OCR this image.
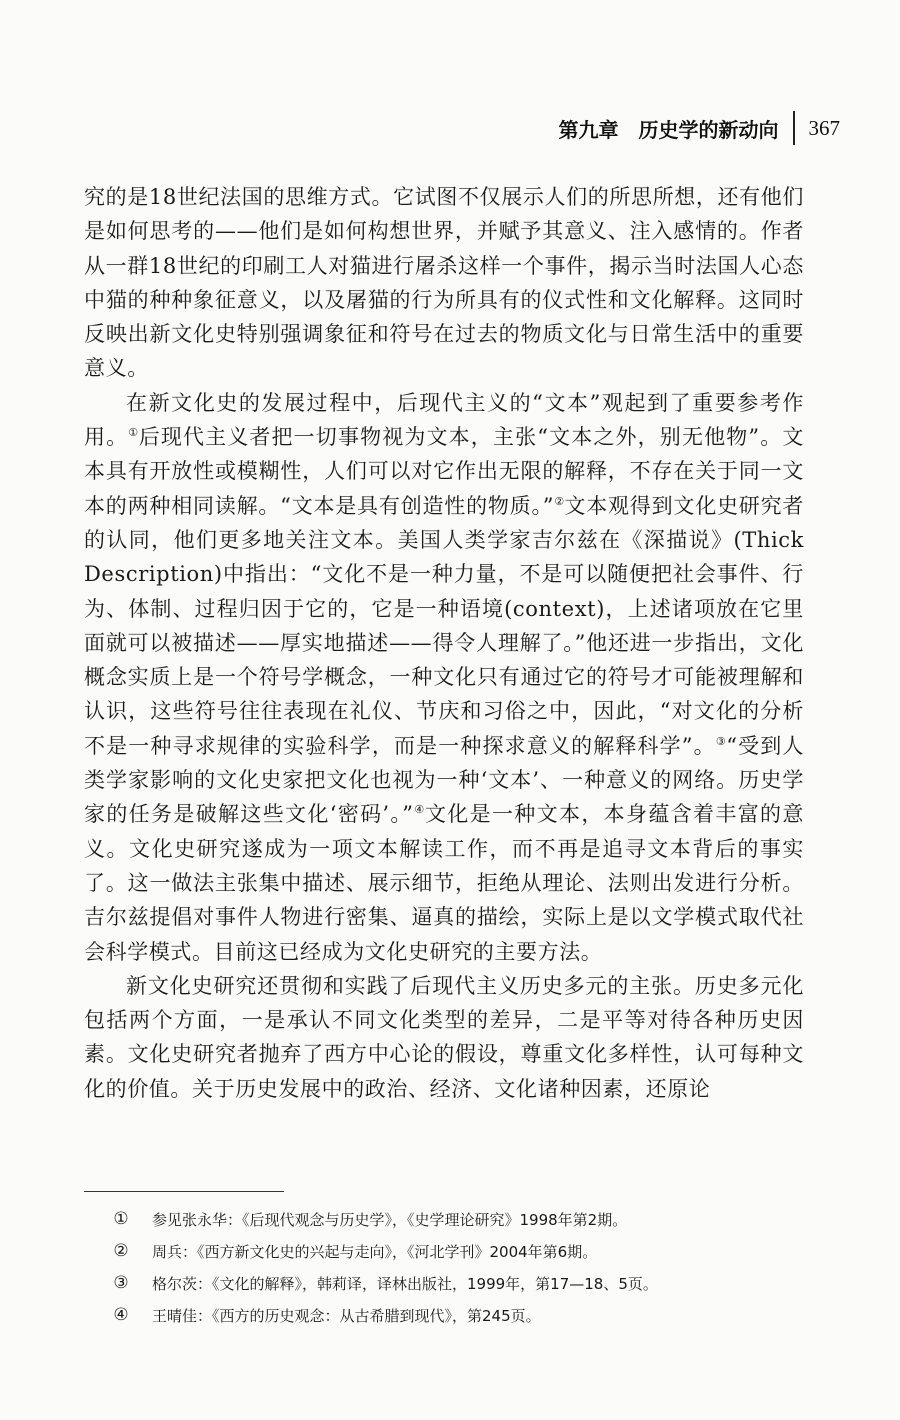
第九章 历史学的新动向 367

究的是18世纪法国的思维方式。它试图不仅展示人们的所思所想，还有他们是如何思考的——他们是如何构想世界，并赋予其意义、注入感情的。作者从一群18世纪的印刷工人对猫进行屠杀这样一个事件，揭示当时法国人心态中猫的种种象征意义，以及屠猫的行为所具有的仪式性和文化解释。这同时反映出新文化史特别强调象征和符号在过去的物质文化与日常生活中的重要意义。

在新文化史的发展过程中，后现代主义的“文本”观起到了重要参考作用。①后现代主义者把一切事物视为文本，主张“文本之外，别无他物”。文本具有开放性或模糊性，人们可以对它作出无限的解释，不存在关于同一文本的两种相同读解。“文本是具有创造性的物质。”②文本观得到文化史研究者的认同，他们更多地关注文本。美国人类学家吉尔兹在《深描说》(Thick Description)中指出：“文化不是一种力量，不是可以随便把社会事件、行为、体制、过程归因于它的，它是一种语境(context)，上述诸项放在它里面就可以被描述——厚实地描述——得令人理解了。”他还进一步指出，文化概念实质上是一个符号学概念，一种文化只有通过它的符号才可能被理解和认识，这些符号往往表现在礼仪、节庆和习俗之中，因此，“对文化的分析不是一种寻求规律的实验科学，而是一种探求意义的解释科学”。③“受到人类学家影响的文化史家把文化也视为一种‘文本’、一种意义的网络。历史学家的任务是破解这些文化‘密码’。”④文化是一种文本，本身蕴含着丰富的意义。文化史研究遂成为一项文本解读工作，而不再是追寻文本背后的事实了。这一做法主张集中描述、展示细节，拒绝从理论、法则出发进行分析。吉尔兹提倡对事件人物进行密集、逼真的描绘，实际上是以文学模式取代社会科学模式。目前这已经成为文化史研究的主要方法。

新文化史研究还贯彻和实践了后现代主义历史多元的主张。历史多元化包括两个方面，一是承认不同文化类型的差异，二是平等对待各种历史因素。文化史研究者抛弃了西方中心论的假设，尊重文化多样性，认可每种文化的价值。关于历史发展中的政治、经济、文化诸种因素，还原论

①	参见张永华：《后现代观念与历史学》，《史学理论研究》1998年第2期。
②	周兵：《西方新文化史的兴起与走向》，《河北学刊》2004年第6期。
③	格尔茨：《文化的解释》，韩莉译，译林出版社，1999年，第17—18、5页。
④	王晴佳：《西方的历史观念：从古希腊到现代》，第245页。
